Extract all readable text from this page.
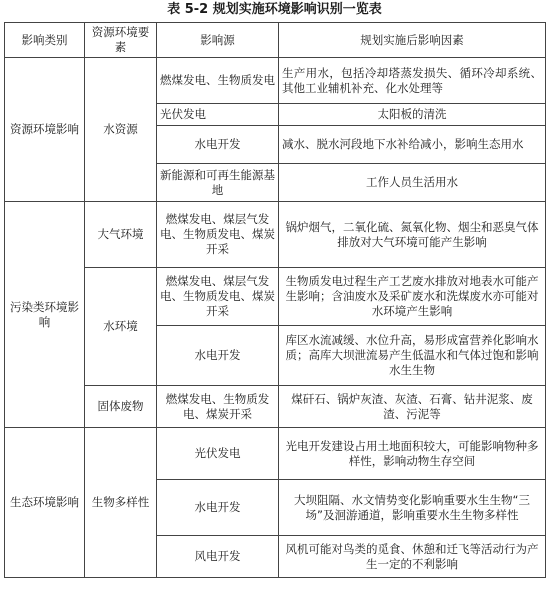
表 5-2 规划实施环境影响识别一览表
影响类别	资源环境要素	影响源	规划实施后影响因素
资源环境影响	水资源	燃煤发电、生物质发电	生产用水，包括冷却塔蒸发损失、循环冷却系统、其他工业辅机补充、化水处理等
		光伏发电	太阳板的清洗
		水电开发	减水、脱水河段地下水补给减小，影响生态用水
		新能源和可再生能源基地	工作人员生活用水
污染类环境影响	大气环境	燃煤发电、煤层气发电、生物质发电、煤炭开采	锅炉烟气，二氧化硫、氮氧化物、烟尘和恶臭气体排放对大气环境可能产生影响
	水环境	燃煤发电、煤层气发电、生物质发电、煤炭开采	生物质发电过程生产工艺废水排放对地表水可能产生影响；含油废水及采矿废水和洗煤废水亦可能对水环境产生影响
		水电开发	库区水流减缓、水位升高，易形成富营养化影响水质；高库大坝泄流易产生低温水和气体过饱和影响水生生物
	固体废物	燃煤发电、生物质发电、煤炭开采	煤矸石、锅炉灰渣、灰渣、石膏、钻井泥浆、废渣、污泥等
生态环境影响	生物多样性	光伏发电	光电开发建设占用土地面积较大，可能影响物种多样性，影响动物生存空间
		水电开发	大坝阻隔、水文情势变化影响重要水生生物“三场”及洄游通道，影响重要水生生物多样性
		风电开发	风机可能对鸟类的觅食、休憩和迁飞等活动行为产生一定的不利影响
